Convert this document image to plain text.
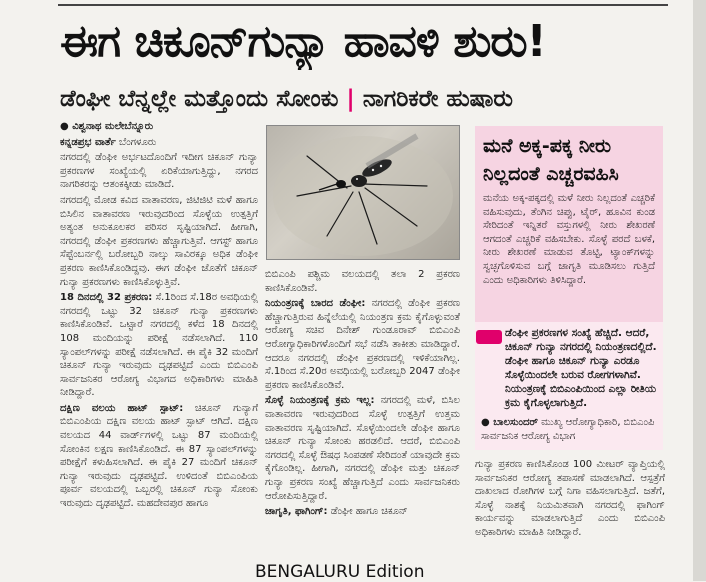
ಈಗ ಚಿಕೂನ್‌ಗುನ್ಯಾ ಹಾವಳಿ ಶುರು!
ಡೆಂಘೀ ಬೆನ್ನಲ್ಲೇ ಮತ್ತೊಂದು ಸೋಂಕು | ನಾಗರಿಕರೇ ಹುಷಾರು

● ವಿಶ್ವನಾಥ ಮಲೇಬೆನ್ನೂರು

ಕನ್ನಡಪ್ರಭ ವಾರ್ತೆ ಬೆಂಗಳೂರು

ನಗರದಲ್ಲಿ ಡೆಂಘೀ ಅರ್ಭಟದೊಂದಿಗೆ ಇದೀಗ ಚಿಕೂನ್ ಗುನ್ಯಾ ಪ್ರಕರಣಗಳ ಸಂಖ್ಯೆಯಲ್ಲಿ ಏರಿಕೆಯಾಗುತ್ತಿದ್ದು, ನಗರದ ನಾಗರಿಕರನ್ನು ಆತಂಕಕ್ಕೀಡು ಮಾಡಿದೆ.

ನಗರದಲ್ಲಿ ಮೋಡ ಕವಿದ ವಾತಾವರಣ, ಜಿಟಿಜಿಟಿ ಮಳೆ ಹಾಗೂ ಬಿಸಿಲಿನ ವಾತಾವರಣ ಇರುವುದರಿಂದ ಸೊಳ್ಳೆಯ ಉತ್ಪತ್ತಿಗೆ ಅತ್ಯಂತ ಅನುಕೂಲಕರ ಪರಿಸರ ಸೃಷ್ಟಿಯಾಗಿದೆ. ಹೀಗಾಗಿ, ನಗರದಲ್ಲಿ ಡೆಂಘೀ ಪ್ರಕರಣಗಳು ಹೆಚ್ಚಾಗುತ್ತಿವೆ. ಆಗಸ್ಟ್ ಹಾಗೂ ಸೆಪ್ಟೆಂಬರ್ನಲ್ಲಿ ಬರೋಬ್ಬರಿ ನಾಲ್ಕು ಸಾವಿರಕ್ಕೂ ಅಧಿಕ ಡೆಂಘೀ ಪ್ರಕರಣ ಕಾಣಿಸಿಕೊಂಡಿದ್ದವು. ಈಗ ಡೆಂಘೀ ಜೊತೆಗೆ ಚಿಕೂನ್ ಗುನ್ಯಾ ಪ್ರಕರಣಗಳು ಕಾಣಿಸಿಕೊಳ್ಳುತ್ತಿವೆ.

18 ದಿನದಲ್ಲಿ 32 ಪ್ರಕರಣ: ಸೆ.1ರಿಂದ ಸೆ.18ರ ಅವಧಿಯಲ್ಲಿ ನಗರದಲ್ಲಿ ಒಟ್ಟು 32 ಚಿಕೂನ್ ಗುನ್ಯಾ ಪ್ರಕರಣಗಳು ಕಾಣಿಸಿಕೊಂಡಿವೆ. ಒಟ್ಟಾರೆ ನಗರದಲ್ಲಿ ಕಳೆದ 18 ದಿನದಲ್ಲಿ 108 ಮಂದಿಯನ್ನು ಪರೀಕ್ಷೆ ನಡೆಸಲಾಗಿದೆ. 110 ಸ್ಯಾಂಪಲ್‌ಗಳನ್ನು ಪರೀಕ್ಷೆ ನಡೆಸಲಾಗಿದೆ. ಈ ಪೈಕಿ 32 ಮಂದಿಗೆ ಚಿಕೂನ್ ಗುನ್ಯಾ ಇರುವುದು ದೃಢಪಟ್ಟಿದೆ ಎಂದು ಬಿಬಿಎಂಪಿ ಸಾರ್ವಜನಿಕರ ಆರೋಗ್ಯ ವಿಭಾಗದ ಅಧಿಕಾರಿಗಳು ಮಾಹಿತಿ ನೀಡಿದ್ದಾರೆ.

ದಕ್ಷಿಣ ವಲಯ ಹಾಟ್ ಸ್ಪಾಟ್: ಚಿಕೂನ್ ಗುನ್ಯಾಗೆ ಬಿಬಿಎಂಪಿಯ ದಕ್ಷಿಣ ವಲಯ ಹಾಟ್ ಸ್ಪಾಟ್ ಆಗಿದೆ. ದಕ್ಷಿಣ ವಲಯದ 44 ವಾರ್ಡ್‌ಗಳಲ್ಲಿ ಒಟ್ಟು 87 ಮಂದಿಯಲ್ಲಿ ಸೋಂಕಿನ ಲಕ್ಷಣ ಕಾಣಿಸಿಕೊಂಡಿದೆ. ಈ 87 ಸ್ಯಾಂಪಲ್‌ಗಳನ್ನು ಪರೀಕ್ಷೆಗೆ ಕಳುಹಿಸಲಾಗಿದೆ. ಈ ಪೈಕಿ 27 ಮಂದಿಗೆ ಚಿಕೂನ್ ಗುನ್ಯಾ ಇರುವುದು ದೃಢಪಟ್ಟಿದೆ. ಉಳಿದಂತೆ ಬಿಬಿಎಂಪಿಯ ಪೂರ್ವ ವಲಯದಲ್ಲಿ ಒಬ್ಬರಲ್ಲಿ ಚಿಕೂನ್ ಗುನ್ಯಾ ಸೋಂಕು ಇರುವುದು ದೃಢಪಟ್ಟಿದೆ. ಮಹದೇವಪುರ ಹಾಗೂ

ಬಿಬಿಎಂಪಿ ಪಶ್ಚಿಮ ವಲಯದಲ್ಲಿ ತಲಾ 2 ಪ್ರಕರಣ ಕಾಣಿಸಿಕೊಂಡಿವೆ.

ನಿಯಂತ್ರಣಕ್ಕೆ ಬಾರದ ಡೆಂಘೀ: ನಗರದಲ್ಲಿ ಡೆಂಘೀ ಪ್ರಕರಣ ಹೆಚ್ಚಾಗುತ್ತಿರುವ ಹಿನ್ನೆಲೆಯಲ್ಲಿ ನಿಯಂತ್ರಣ ಕ್ರಮ ಕೈಗೊಳ್ಳುವಂತೆ ಆರೋಗ್ಯ ಸಚಿವ ದಿನೇಶ್ ಗುಂಡೂರಾವ್ ಬಿಬಿಎಂಪಿ ಆರೋಗ್ಯಾಧಿಕಾರಿಗಳೊಂದಿಗೆ ಸಭೆ ನಡೆಸಿ ತಾಕೀತು ಮಾಡಿದ್ದಾರೆ. ಆದರೂ ನಗರದಲ್ಲಿ ಡೆಂಘೀ ಪ್ರಕರಣದಲ್ಲಿ ಇಳಿಕೆಯಾಗಿಲ್ಲ. ಸೆ.1ರಿಂದ ಸೆ.20ರ ಅವಧಿಯಲ್ಲಿ ಬರೋಬ್ಬರಿ 2047 ಡೆಂಘೀ ಪ್ರಕರಣ ಕಾಣಿಸಿಕೊಂಡಿವೆ.

ಸೊಳ್ಳೆ ನಿಯಂತ್ರಣಕ್ಕೆ ಕ್ರಮ ಇಲ್ಲ: ನಗರದಲ್ಲಿ ಮಳೆ, ಬಿಸಿಲ ವಾತಾವರಣ ಇರುವುದರಿಂದ ಸೊಳ್ಳೆ ಉತ್ಪತ್ತಿಗೆ ಉತ್ತಮ ವಾತಾವರಣ ಸೃಷ್ಟಿಯಾಗಿದೆ. ಸೊಳ್ಳೆಯಿಂದಲೇ ಡೆಂಘೀ ಹಾಗೂ ಚಿಕೂನ್ ಗುನ್ಯಾ ಸೋಂಕು ಹರಡಲಿದೆ. ಆದರೆ, ಬಿಬಿಎಂಪಿ ನಗರದಲ್ಲಿ ಸೊಳ್ಳೆ ಔಷಧ ಸಿಂಪಡಣೆ ಸೇರಿದಂತೆ ಯಾವುದೇ ಕ್ರಮ ಕೈಗೊಂಡಿಲ್ಲ. ಹೀಗಾಗಿ, ನಗರದಲ್ಲಿ ಡೆಂಘೀ ಮತ್ತು ಚಿಕೂನ್ ಗುನ್ಯಾ ಪ್ರಕರಣ ಸಂಖ್ಯೆ ಹೆಚ್ಚಾಗುತ್ತಿದೆ ಎಂದು ಸಾರ್ವಜನಿಕರು ಆರೋಪಿಸುತ್ತಿದ್ದಾರೆ.

ಜಾಗೃತಿ, ಫಾಗಿಂಗ್: ಡೆಂಘೀ ಹಾಗೂ ಚಿಕೂನ್

ಮನೆ ಅಕ್ಕ-ಪಕ್ಕ ನೀರು ನಿಲ್ಲದಂತೆ ಎಚ್ಚರವಹಿಸಿ
ಮನೆಯ ಅಕ್ಕ-ಪಕ್ಕದಲ್ಲಿ ಮಳೆ ನೀರು ನಿಲ್ಲದಂತೆ ಎಚ್ಚರಿಕೆ ವಹಿಸುವುದು, ತೆಂಗಿನ ಚಿಪ್ಪು, ಟೈರ್, ಹೂವಿನ ಕುಂಡ ಸೇರಿದಂತೆ ಇನ್ನಿತರೆ ವಸ್ತುಗಳಲ್ಲಿ ನೀರು ಶೇಖರಣೆ ಆಗದಂತೆ ಎಚ್ಚರಿಕೆ ವಹಿಸಬೇಕು. ಸೊಳ್ಳೆ ಪರದೆ ಬಳಕೆ, ನೀರು ಶೇಖರಣೆ ಮಾಡುವ ತೊಟ್ಟಿ, ಟ್ಯಾಂಕ್‌ಗಳನ್ನು ಸ್ವಚ್ಛಗೊಳಿಸುವ ಬಗ್ಗೆ ಜಾಗೃತಿ ಮೂಡಿಸಲು ಗುತ್ತಿದೆ ಎಂದು ಅಧಿಕಾರಿಗಳು ತಿಳಿಸಿದ್ದಾರೆ.
ಡೆಂಘೀ ಪ್ರಕರಣಗಳ ಸಂಖ್ಯೆ ಹೆಚ್ಚಿದೆ. ಆದರೆ, ಚಿಕೂನ್ ಗುನ್ಯಾ ನಗರದಲ್ಲಿ ನಿಯಂತ್ರಣದಲ್ಲಿದೆ. ಡೆಂಘೀ ಹಾಗೂ ಚಿಕೂನ್ ಗುನ್ಯಾ ಎರಡೂ ಸೊಳ್ಳೆಯಿಂದಲೇ ಬರುವ ರೋಗಗಳಾಗಿವೆ. ನಿಯಂತ್ರಣಕ್ಕೆ ಬಿಬಿಎಂಪಿಯಿಂದ ಎಲ್ಲಾ ರೀತಿಯ ಕ್ರಮ ಕೈಗೊಳ್ಳಲಾಗುತ್ತಿದೆ.
● ಬಾಲಸುಂದರ್ ಮುಖ್ಯ ಆರೋಗ್ಯಾಧಿಕಾರಿ, ಬಿಬಿಎಂಪಿ ಸಾರ್ವಜನಿಕ ಆರೋಗ್ಯ ವಿಭಾಗ

ಗುನ್ಯಾ ಪ್ರಕರಣ ಕಾಣಿಸಿಕೊಂಡ 100 ಮೀಟರ್ ವ್ಯಾಪ್ತಿಯಲ್ಲಿ ಸಾರ್ವಜನಿಕರ ಆರೋಗ್ಯ ತಪಾಸಣೆ ಮಾಡಲಾಗಿದೆ. ಆಸ್ಪತ್ರೆಗೆ ದಾಖಲಾದ ರೋಗಿಗಳ ಬಗ್ಗೆ ನಿಗಾ ವಹಿಸಲಾಗುತ್ತಿದೆ. ಜತೆಗೆ, ಸೊಳ್ಳೆ ನಾಶಕ್ಕೆ ನಿಯಮಿತವಾಗಿ ನಗರದಲ್ಲಿ ಫಾಗಿಂಗ್ ಕಾರ್ಯವನ್ನು ಮಾಡಲಾಗುತ್ತಿದೆ ಎಂದು ಬಿಬಿಎಂಪಿ ಅಧಿಕಾರಿಗಳು ಮಾಹಿತಿ ನೀಡಿದ್ದಾರೆ.

BENGALURU Edition
